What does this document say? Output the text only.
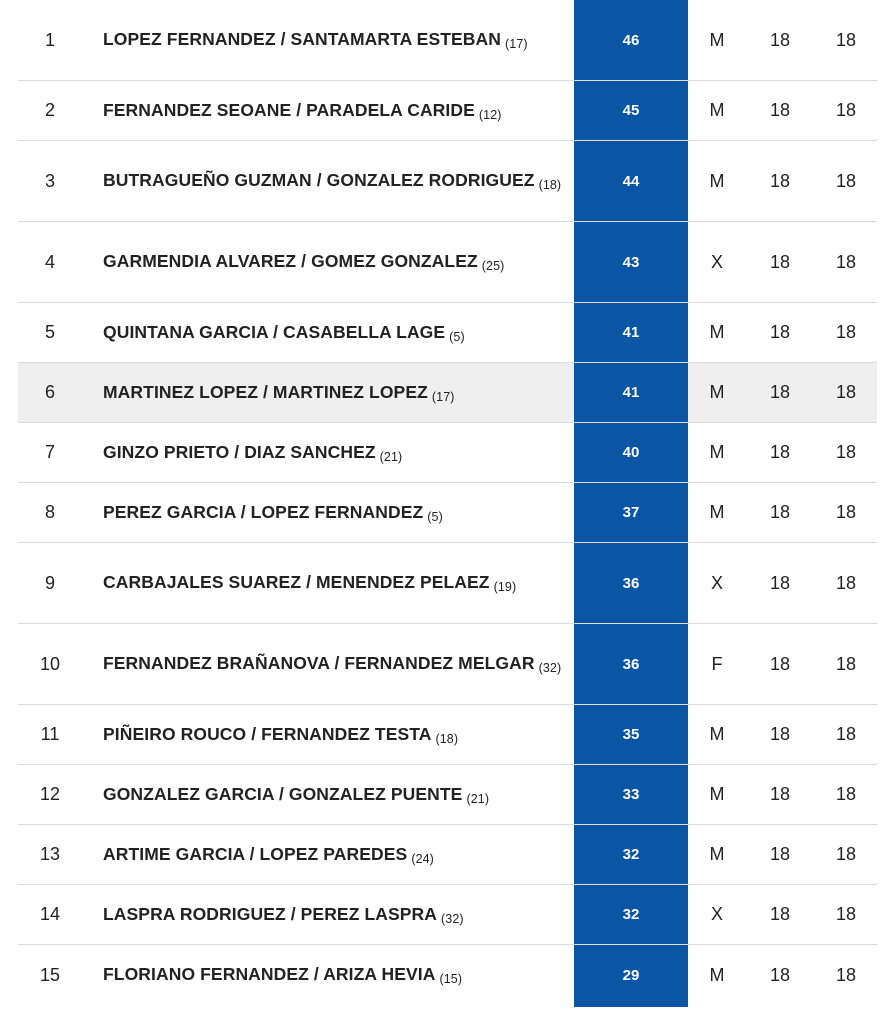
1	LOPEZ FERNANDEZ / SANTAMARTA ESTEBAN (17)	46	M	18	18
2	FERNANDEZ SEOANE / PARADELA CARIDE (12)	45	M	18	18
3	BUTRAGUEÑO GUZMAN / GONZALEZ RODRIGUEZ (18)	44	M	18	18
4	GARMENDIA ALVAREZ / GOMEZ GONZALEZ (25)	43	X	18	18
5	QUINTANA GARCIA / CASABELLA LAGE (5)	41	M	18	18
6	MARTINEZ LOPEZ / MARTINEZ LOPEZ (17)	41	M	18	18
7	GINZO PRIETO / DIAZ SANCHEZ (21)	40	M	18	18
8	PEREZ GARCIA / LOPEZ FERNANDEZ (5)	37	M	18	18
9	CARBAJALES SUAREZ / MENENDEZ PELAEZ (19)	36	X	18	18
10	FERNANDEZ BRAÑANOVA / FERNANDEZ MELGAR (32)	36	F	18	18
11	PIÑEIRO ROUCO / FERNANDEZ TESTA (18)	35	M	18	18
12	GONZALEZ GARCIA / GONZALEZ PUENTE (21)	33	M	18	18
13	ARTIME GARCIA / LOPEZ PAREDES (24)	32	M	18	18
14	LASPRA RODRIGUEZ / PEREZ LASPRA (32)	32	X	18	18
15	FLORIANO FERNANDEZ / ARIZA HEVIA (15)	29	M	18	18
